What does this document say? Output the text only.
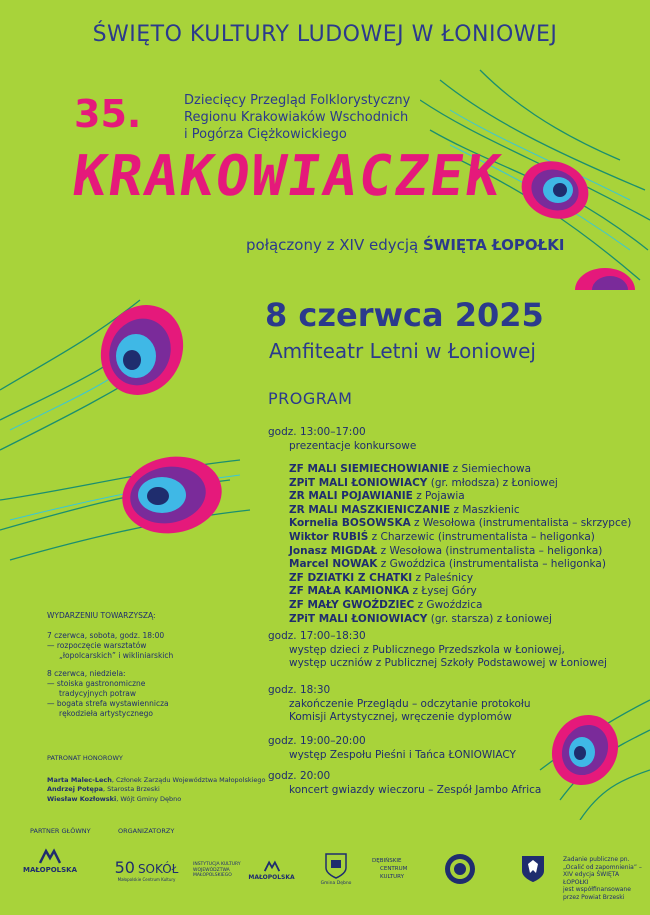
ŚWIĘTO KULTURY LUDOWEJ W ŁONIOWEJ
35.	Dziecięcy Przegląd Folklorystyczny
Regionu Krakowiaków Wschodnich
i Pogórza Ciężkowickiego
KRAKOWIACZEK
połączony z XIV edycją ŚWIĘTA ŁOPOŁKI
8 czerwca 2025
Amfiteatr Letni w Łoniowej
PROGRAM
godz. 13:00–17:00
prezentacje konkursowe
ZF MALI SIEMIECHOWIANIE z Siemiechowa
ZPiT MALI ŁONIOWIACY (gr. młodsza) z Łoniowej
ZR MALI POJAWIANIE z Pojawia
ZR MALI MASZKIENICZANIE z Maszkienic
Kornelia BOSOWSKA z Wesołowa (instrumentalista – skrzypce)
Wiktor RUBIŚ z Charzewic (instrumentalista – heligonka)
Jonasz MIGDAŁ z Wesołowa (instrumentalista – heligonka)
Marcel NOWAK z Gwoździca (instrumentalista – heligonka)
ZF DZIATKI Z CHATKI z Paleśnicy
ZF MAŁA KAMIONKA z Łysej Góry
ZF MAŁY GWOŹDZIEC z Gwoździca
ZPiT MALI ŁONIOWIACY (gr. starsza) z Łoniowej
godz. 17:00–18:30
występ dzieci z Publicznego Przedszkola w Łoniowej,
występ uczniów z Publicznej Szkoły Podstawowej w Łoniowej
godz. 18:30
zakończenie Przeglądu – odczytanie protokołu
Komisji Artystycznej, wręczenie dyplomów
godz. 19:00–20:00
występ Zespołu Pieśni i Tańca ŁONIOWIACY
godz. 20:00
koncert gwiazdy wieczoru – Zespół Jambo Africa
WYDARZENIU TOWARZYSZĄ:
7 czerwca, sobota, godz. 18:00
— rozpoczęcie warsztatów
„łopolcarskich” i wikliniarskich
8 czerwca, niedziela:
— stoiska gastronomiczne
tradycyjnych potraw
— bogata strefa wystawiennicza
rękodzieła artystycznego
PATRONAT HONOROWY
Marta Malec-Lech, Członek Zarządu Województwa Małopolskiego
Andrzej Potępa, Starosta Brzeski
Wiesław Kozłowski, Wójt Gminy Dębno
PARTNER GŁÓWNY	ORGANIZATORZY
MAŁOPOLSKA	50 SOKÓŁ
Małopolskie Centrum Kultury
INSTYTUCJA KULTURY
WOJEWÓDZTWA
MAŁOPOLSKIEGO	MAŁOPOLSKA
Gmina Dębno
DĘBIŃSKIE
CENTRUM
KULTURY
Zadanie publiczne pn.
„Ocalić od zapomnienia” –
XIV edycja ŚWIĘTA ŁOPOŁKI
jest współfinansowane
przez Powiat Brzeski
